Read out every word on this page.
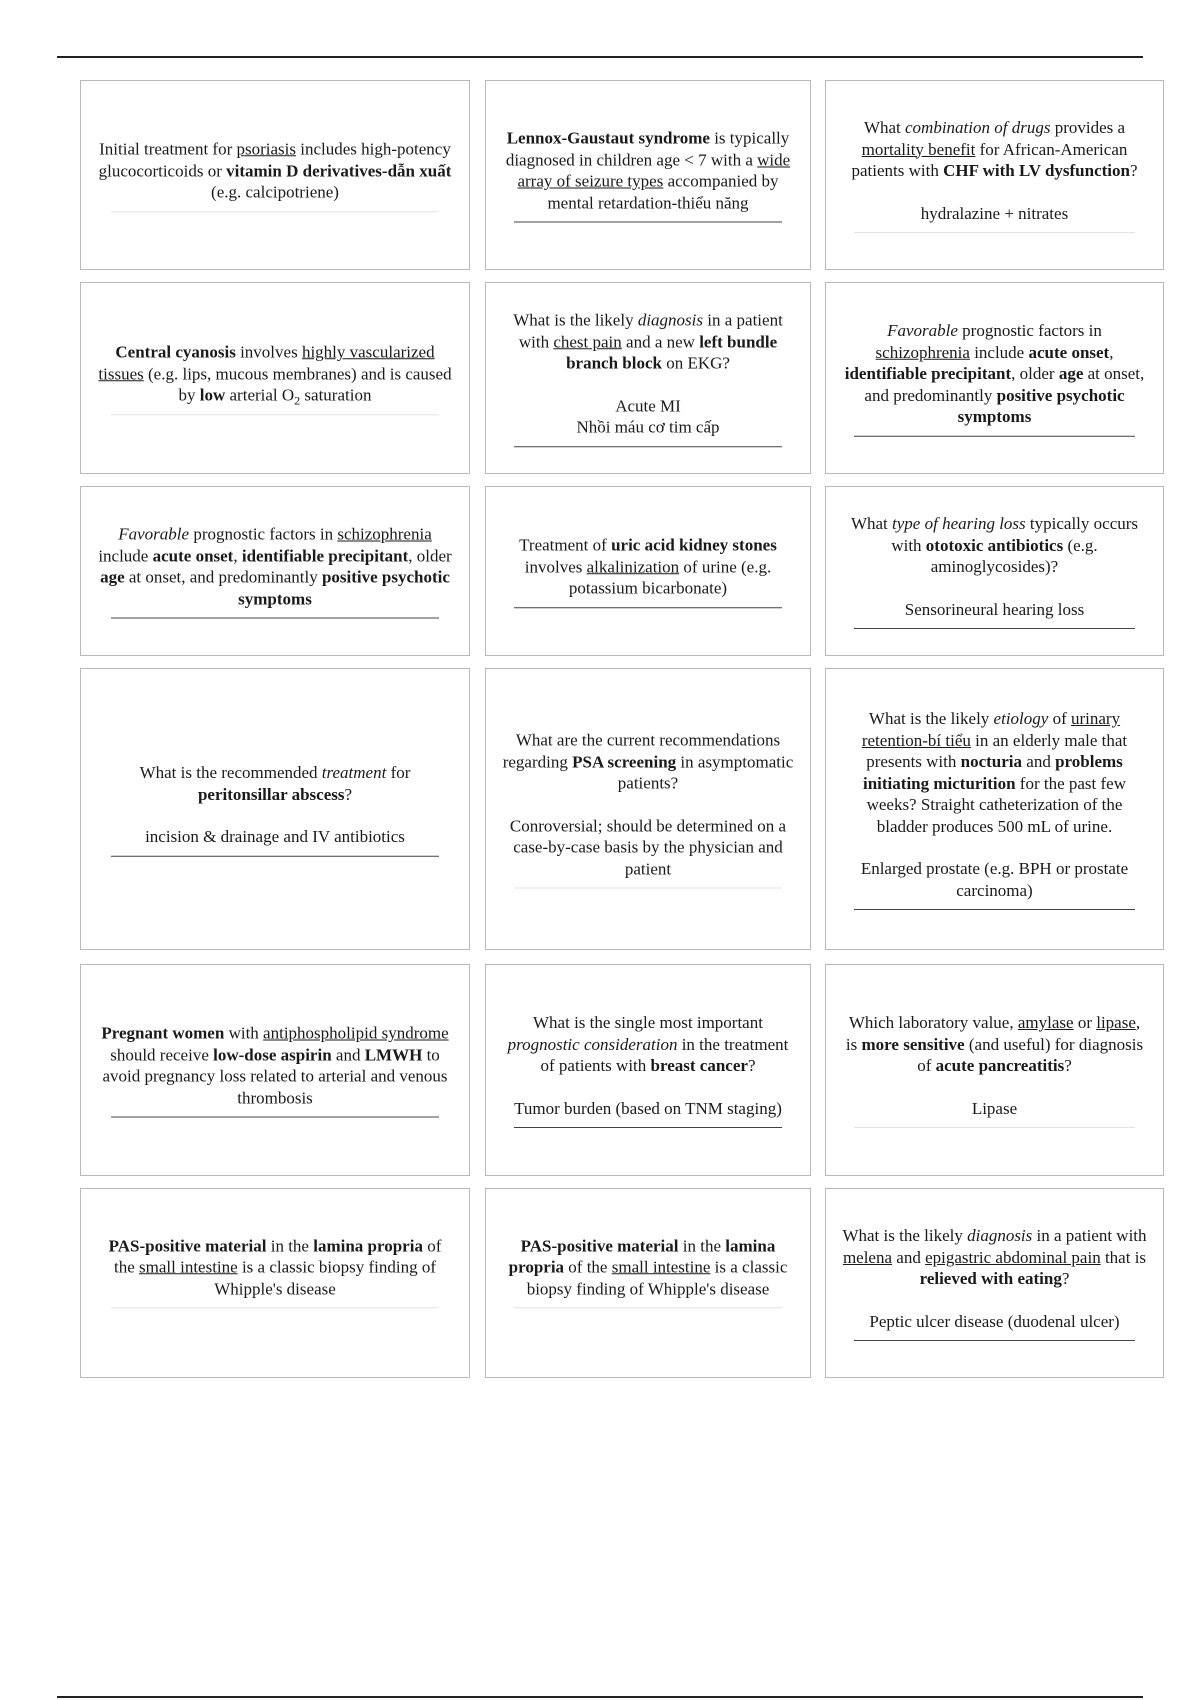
Initial treatment for psoriasis includes high-potency glucocorticoids or vitamin D derivatives-dẫn xuất (e.g. calcipotriene)

Lennox-Gaustaut syndrome is typically diagnosed in children age < 7 with a wide array of seizure types accompanied by mental retardation-thiểu năng

What combination of drugs provides a mortality benefit for African-American patients with CHF with LV dysfunction?

hydralazine + nitrates

Central cyanosis involves highly vascularized tissues (e.g. lips, mucous membranes) and is caused by low arterial $O_2$ saturation

What is the likely diagnosis in a patient with chest pain and a new left bundle branch block on EKG?

Acute MI
Nhồi máu cơ tim cấp

Favorable prognostic factors in schizophrenia include acute onset, identifiable precipitant, older age at onset, and predominantly positive psychotic symptoms

Favorable prognostic factors in schizophrenia include acute onset, identifiable precipitant, older age at onset, and predominantly positive psychotic symptoms

Treatment of uric acid kidney stones involves alkalinization of urine (e.g. potassium bicarbonate)

What type of hearing loss typically occurs with ototoxic antibiotics (e.g. aminoglycosides)?

Sensorineural hearing loss

What is the recommended treatment for peritonsillar abscess?

incision & drainage and IV antibiotics

What are the current recommendations regarding PSA screening in asymptomatic patients?

Conroversial; should be determined on a case-by-case basis by the physician and patient

What is the likely etiology of urinary retention-bí tiểu in an elderly male that presents with nocturia and problems initiating micturition for the past few weeks? Straight catheterization of the bladder produces 500 mL of urine.

Enlarged prostate (e.g. BPH or prostate carcinoma)

Pregnant women with antiphospholipid syndrome should receive low-dose aspirin and LMWH to avoid pregnancy loss related to arterial and venous thrombosis

What is the single most important prognostic consideration in the treatment of patients with breast cancer?

Tumor burden (based on TNM staging)

Which laboratory value, amylase or lipase, is more sensitive (and useful) for diagnosis of acute pancreatitis?

Lipase

PAS-positive material in the lamina propria of the small intestine is a classic biopsy finding of Whipple's disease

PAS-positive material in the lamina propria of the small intestine is a classic biopsy finding of Whipple's disease

What is the likely diagnosis in a patient with melena and epigastric abdominal pain that is relieved with eating?

Peptic ulcer disease (duodenal ulcer)
